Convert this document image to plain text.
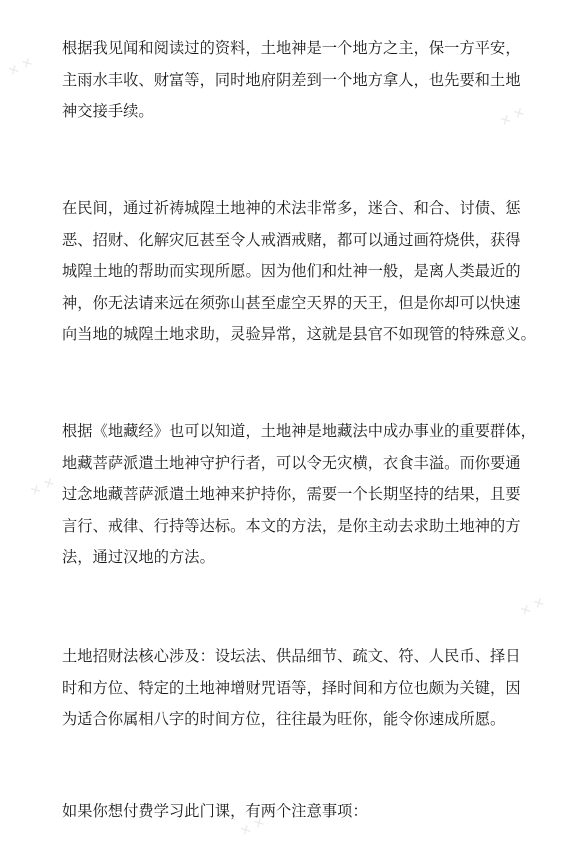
根据我见闻和阅读过的资料，土地神是一个地方之主，保一方平安，
主雨水丰收、财富等，同时地府阴差到一个地方拿人，也先要和土地
神交接手续。

在民间，通过祈祷城隍土地神的术法非常多，迷合、和合、讨债、惩
恶、招财、化解灾厄甚至令人戒酒戒赌，都可以通过画符烧供，获得
城隍土地的帮助而实现所愿。因为他们和灶神一般，是离人类最近的
神，你无法请来远在须弥山甚至虚空天界的天王，但是你却可以快速
向当地的城隍土地求助，灵验异常，这就是县官不如现管的特殊意义。

根据《地藏经》也可以知道，土地神是地藏法中成办事业的重要群体，
地藏菩萨派遣土地神守护行者，可以令无灾横，衣食丰溢。而你要通
过念地藏菩萨派遣土地神来护持你，需要一个长期坚持的结果，且要
言行、戒律、行持等达标。本文的方法，是你主动去求助土地神的方
法，通过汉地的方法。

土地招财法核心涉及：设坛法、供品细节、疏文、符、人民币、择日
时和方位、特定的土地神增财咒语等，择时间和方位也颇为关键，因
为适合你属相八字的时间方位，往往最为旺你，能令你速成所愿。

如果你想付费学习此门课，有两个注意事项：

✕ ✕
✕ ✕
✕ ✕
✕ ✕
✕ ✕
